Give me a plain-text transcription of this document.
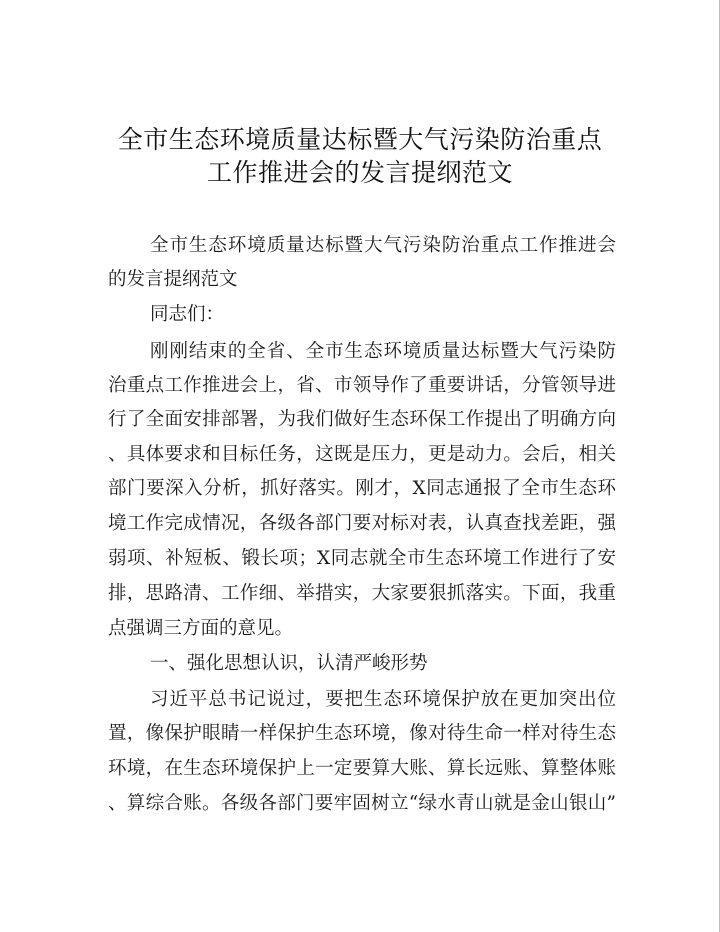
全市生态环境质量达标暨大气污染防治重点
工作推进会的发言提纲范文
全市生态环境质量达标暨大气污染防治重点工作推进会
的发言提纲范文
同志们：
刚刚结束的全省、全市生态环境质量达标暨大气污染防
治重点工作推进会上，省、市领导作了重要讲话，分管领导进
行了全面安排部署，为我们做好生态环保工作提出了明确方向
、具体要求和目标任务，这既是压力，更是动力。会后，相关
部门要深入分析，抓好落实。刚才，X同志通报了全市生态环
境工作完成情况，各级各部门要对标对表，认真查找差距，强
弱项、补短板、锻长项；X同志就全市生态环境工作进行了安
排，思路清、工作细、举措实，大家要狠抓落实。下面，我重
点强调三方面的意见。
一、强化思想认识，认清严峻形势
习近平总书记说过，要把生态环境保护放在更加突出位
置，像保护眼睛一样保护生态环境，像对待生命一样对待生态
环境，在生态环境保护上一定要算大账、算长远账、算整体账
、算综合账。各级各部门要牢固树立“绿水青山就是金山银山”
